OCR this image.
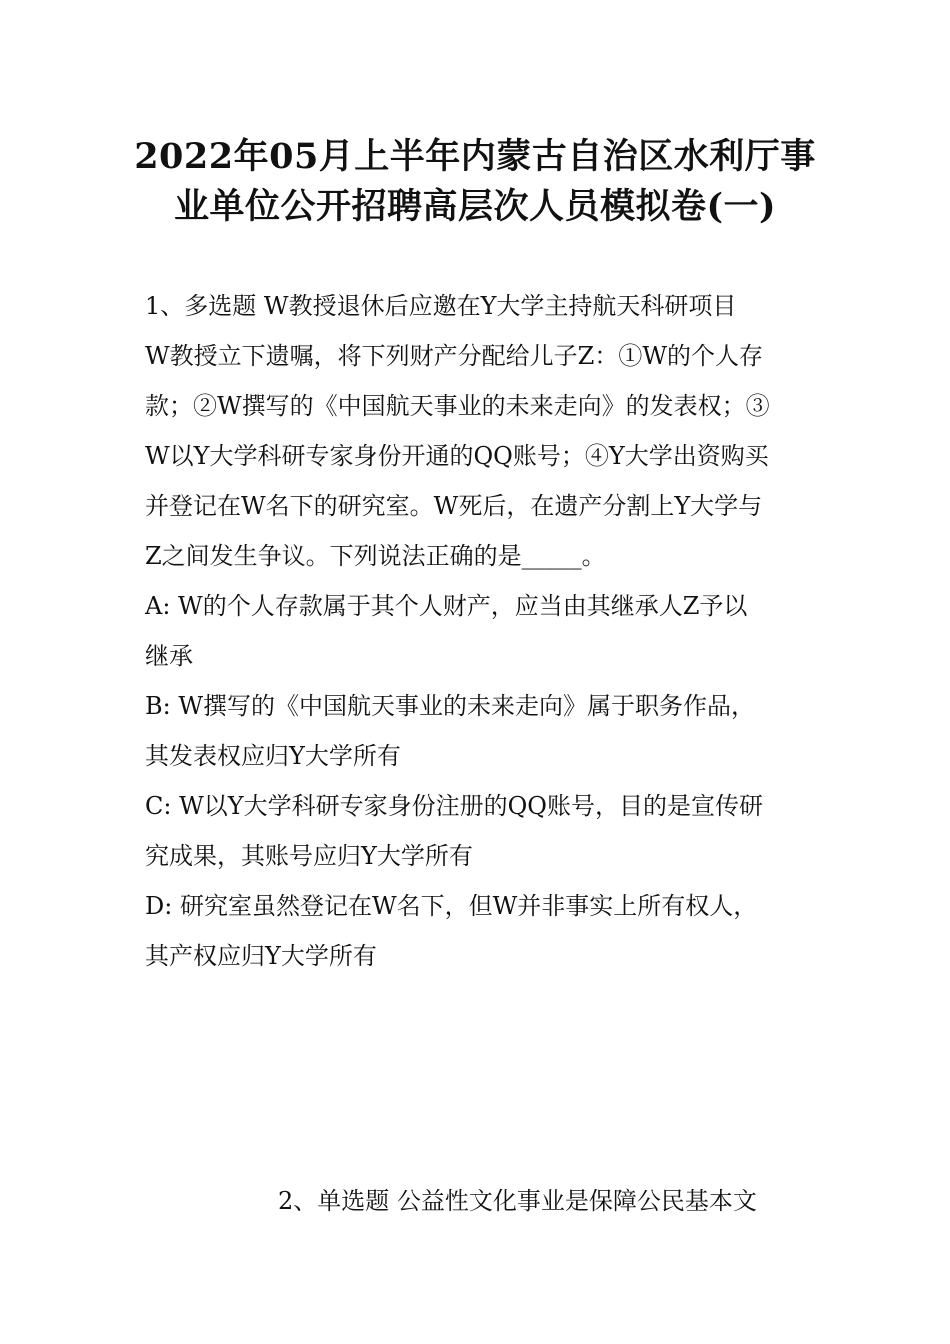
2022年05月上半年内蒙古自治区水利厅事
业单位公开招聘高层次人员模拟卷(一)
1、多选题 W教授退休后应邀在Y大学主持航天科研项目
W教授立下遗嘱，将下列财产分配给儿子Z：①W的个人存
款；②W撰写的《中国航天事业的未来走向》的发表权；③
W以Y大学科研专家身份开通的QQ账号；④Y大学出资购买
并登记在W名下的研究室。W死后，在遗产分割上Y大学与
Z之间发生争议。下列说法正确的是_____。
A: W的个人存款属于其个人财产，应当由其继承人Z予以
继承
B: W撰写的《中国航天事业的未来走向》属于职务作品，
其发表权应归Y大学所有
C: W以Y大学科研专家身份注册的QQ账号，目的是宣传研
究成果，其账号应归Y大学所有
D: 研究室虽然登记在W名下，但W并非事实上所有权人，
其产权应归Y大学所有
2、单选题 公益性文化事业是保障公民基本文
